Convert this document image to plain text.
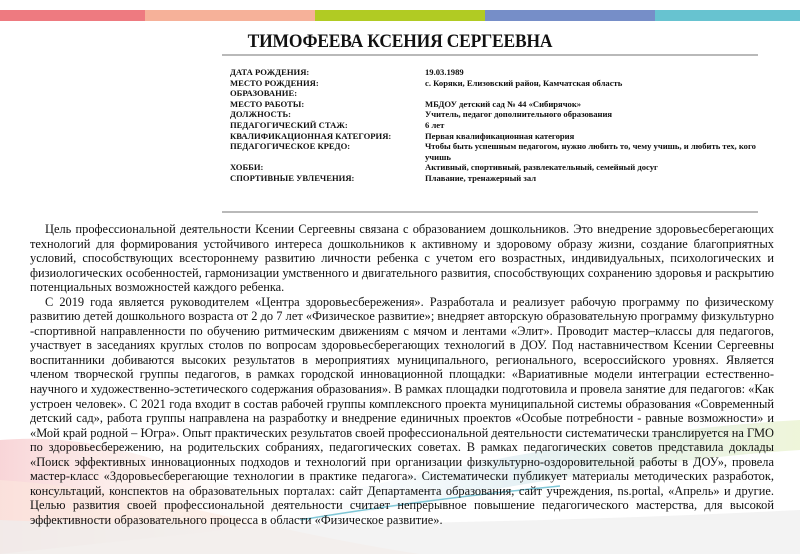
ТИМОФЕЕВА КСЕНИЯ СЕРГЕЕВНА
ДАТА РОЖДЕНИЯ:	19.03.1989
МЕСТО РОЖДЕНИЯ:	с. Коряки, Елизовский район, Камчатская область
ОБРАЗОВАНИЕ:
МЕСТО РАБОТЫ:	МБДОУ детский сад № 44 «Сибирячок»
ДОЛЖНОСТЬ:	Учитель, педагог дополнительного образования
ПЕДАГОГИЧЕСКИЙ СТАЖ:	6 лет
КВАЛИФИКАЦИОННАЯ КАТЕГОРИЯ:	Первая квалификационная категория
ПЕДАГОГИЧЕСКОЕ КРЕДО:	Чтобы быть успешным педагогом, нужно любить то, чему учишь, и любить тех, кого учишь
ХОББИ:	Активный, спортивный, развлекательный, семейный досуг
СПОРТИВНЫЕ УВЛЕЧЕНИЯ:	Плавание, тренажерный зал

Цель профессиональной деятельности Ксении Сергеевны связана с образованием дошкольников. Это внедрение здоровьесберегающих технологий для формирования устойчивого интереса дошкольников к активному и здоровому образу жизни, создание благоприятных условий, способствующих всестороннему развитию личности ребенка с учетом его возрастных, индивидуальных, психологических и физиологических особенностей, гармонизации умственного и двигательного развития, способствующих сохранению здоровья и раскрытию потенциальных возможностей каждого ребенка.

С 2019 года является руководителем «Центра здоровьесбережения». Разработала и реализует рабочую программу по физическому развитию детей дошкольного возраста от 2 до 7 лет «Физическое развитие»; внедряет авторскую образовательную программу физкультурно -спортивной направленности по обучению ритмическим движениям с мячом и лентами «Элит». Проводит мастер–классы для педагогов, участвует в заседаниях круглых столов по вопросам здоровьесберегающих технологий в ДОУ. Под наставничеством Ксении Сергеевны воспитанники добиваются высоких результатов в мероприятиях муниципального, регионального, всероссийского уровнях. Является членом творческой группы педагогов, в рамках городской инновационной площадки: «Вариативные модели интеграции естественно-научного и художественно-эстетического содержания образования». В рамках площадки подготовила и провела занятие для педагогов: «Как устроен человек». С 2021 года входит в состав рабочей группы комплексного проекта муниципальной системы образования «Современный детский сад», работа группы направлена на разработку и внедрение единичных проектов «Особые потребности - равные возможности» и «Мой край родной – Югра». Опыт практических результатов своей профессиональной деятельности систематически транслируется на ГМО по здоровьесбережению, на родительских собраниях, педагогических советах. В рамках педагогических советов представила доклады «Поиск эффективных инновационных подходов и технологий при организации физкультурно-оздоровительной работы в ДОУ», провела мастер-класс «Здоровьесберегающие технологии в практике педагога». Систематически публикует материалы методических разработок, консультаций, конспектов на образовательных порталах: сайт Департамента образования, сайт учреждения, ns.portal, «Апрель» и другие. Целью развития своей профессиональной деятельности считает непрерывное повышение педагогического мастерства, для высокой эффективности образовательного процесса в области «Физическое развитие».
